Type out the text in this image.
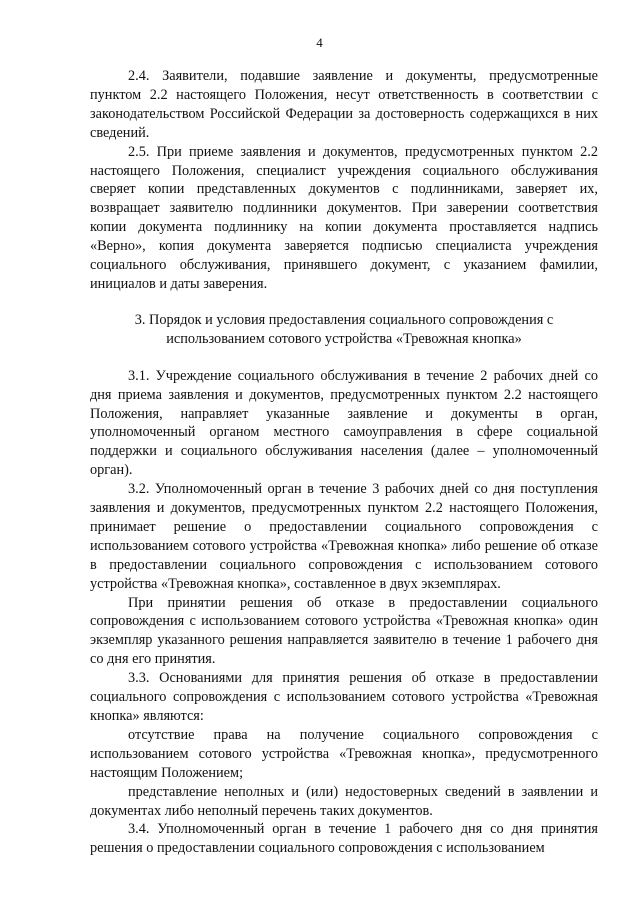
4

2.4. Заявители, подавшие заявление и документы, предусмотренные пунктом 2.2 настоящего Положения, несут ответственность в соответствии с законодательством Российской Федерации за достоверность содержащихся в них сведений.

2.5. При приеме заявления и документов, предусмотренных пунктом 2.2 настоящего Положения, специалист учреждения социального обслуживания сверяет копии представленных документов с подлинниками, заверяет их, возвращает заявителю подлинники документов. При заверении соответствия копии документа подлиннику на копии документа проставляется надпись «Верно», копия документа заверяется подписью специалиста учреждения социального обслуживания, принявшего документ, с указанием фамилии, инициалов и даты заверения.

3. Порядок и условия предоставления социального сопровождения с
использованием сотового устройства «Тревожная кнопка»

3.1. Учреждение социального обслуживания в течение 2 рабочих дней со дня приема заявления и документов, предусмотренных пунктом 2.2 настоящего Положения, направляет указанные заявление и документы в орган, уполномоченный органом местного самоуправления в сфере социальной поддержки и социального обслуживания населения (далее – уполномоченный орган).

3.2. Уполномоченный орган в течение 3 рабочих дней со дня поступления заявления и документов, предусмотренных пунктом 2.2 настоящего Положения, принимает решение о предоставлении социального сопровождения с использованием сотового устройства «Тревожная кнопка» либо решение об отказе в предоставлении социального сопровождения с использованием сотового устройства «Тревожная кнопка», составленное в двух экземплярах.

При принятии решения об отказе в предоставлении социального сопровождения с использованием сотового устройства «Тревожная кнопка» один экземпляр указанного решения направляется заявителю в течение 1 рабочего дня со дня его принятия.

3.3. Основаниями для принятия решения об отказе в предоставлении социального сопровождения с использованием сотового устройства «Тревожная кнопка» являются:

отсутствие права на получение социального сопровождения с использованием сотового устройства «Тревожная кнопка», предусмотренного настоящим Положением;

представление неполных и (или) недостоверных сведений в заявлении и документах либо неполный перечень таких документов.

3.4. Уполномоченный орган в течение 1 рабочего дня со дня принятия решения о предоставлении социального сопровождения с использованием
